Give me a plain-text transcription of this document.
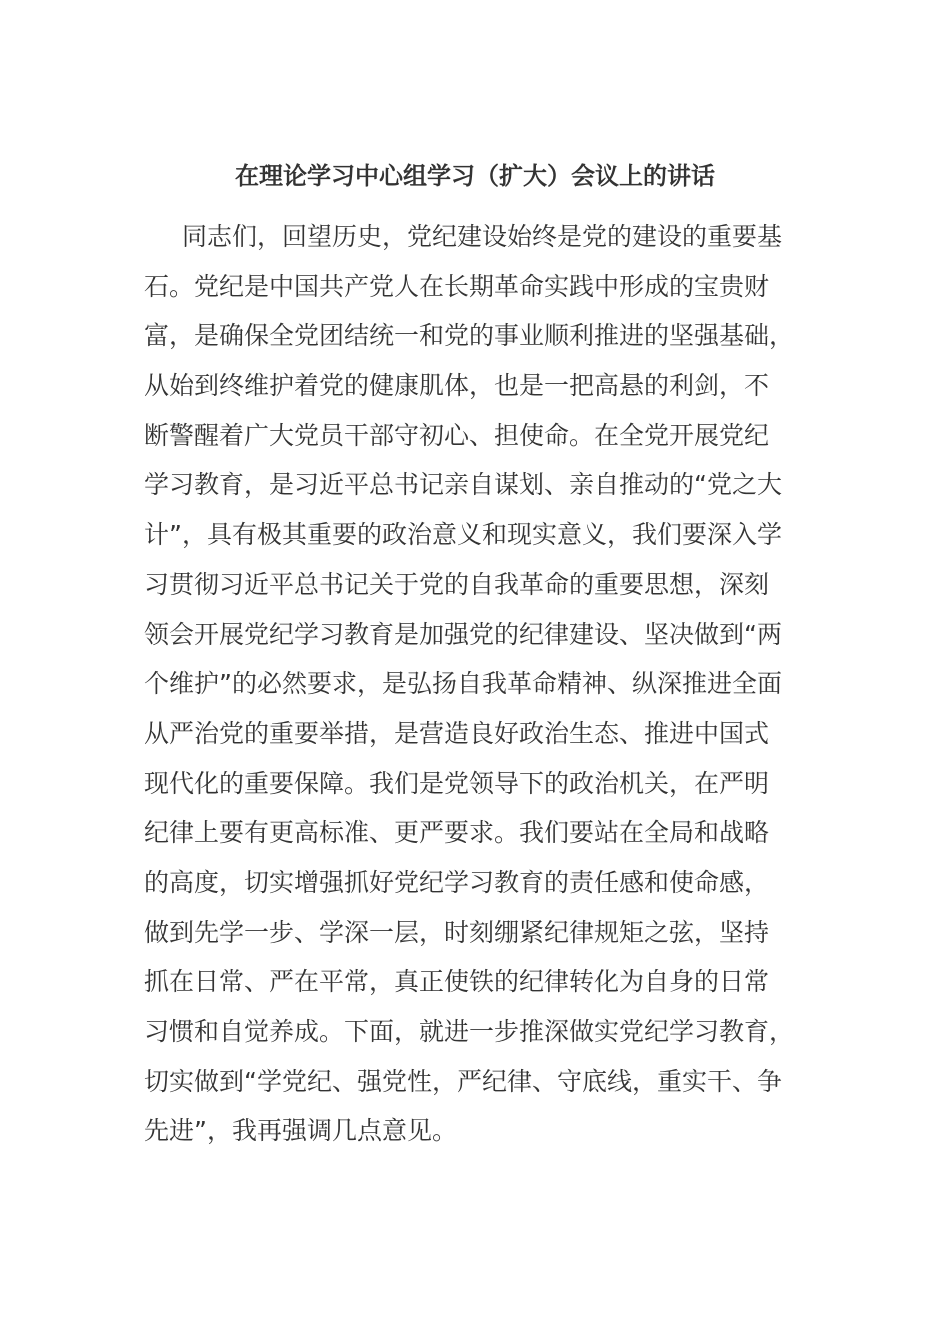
在理论学习中心组学习（扩大）会议上的讲话
同志们，回望历史，党纪建设始终是党的建设的重要基
石。党纪是中国共产党人在长期革命实践中形成的宝贵财
富，是确保全党团结统一和党的事业顺利推进的坚强基础，
从始到终维护着党的健康肌体，也是一把高悬的利剑，不
断警醒着广大党员干部守初心、担使命。在全党开展党纪
学习教育，是习近平总书记亲自谋划、亲自推动的“党之大
计”，具有极其重要的政治意义和现实意义，我们要深入学
习贯彻习近平总书记关于党的自我革命的重要思想，深刻
领会开展党纪学习教育是加强党的纪律建设、坚决做到“两
个维护”的必然要求，是弘扬自我革命精神、纵深推进全面
从严治党的重要举措，是营造良好政治生态、推进中国式
现代化的重要保障。我们是党领导下的政治机关，在严明
纪律上要有更高标准、更严要求。我们要站在全局和战略
的高度，切实增强抓好党纪学习教育的责任感和使命感，
做到先学一步、学深一层，时刻绷紧纪律规矩之弦，坚持
抓在日常、严在平常，真正使铁的纪律转化为自身的日常
习惯和自觉养成。下面，就进一步推深做实党纪学习教育，
切实做到“学党纪、强党性，严纪律、守底线，重实干、争
先进”，我再强调几点意见。
